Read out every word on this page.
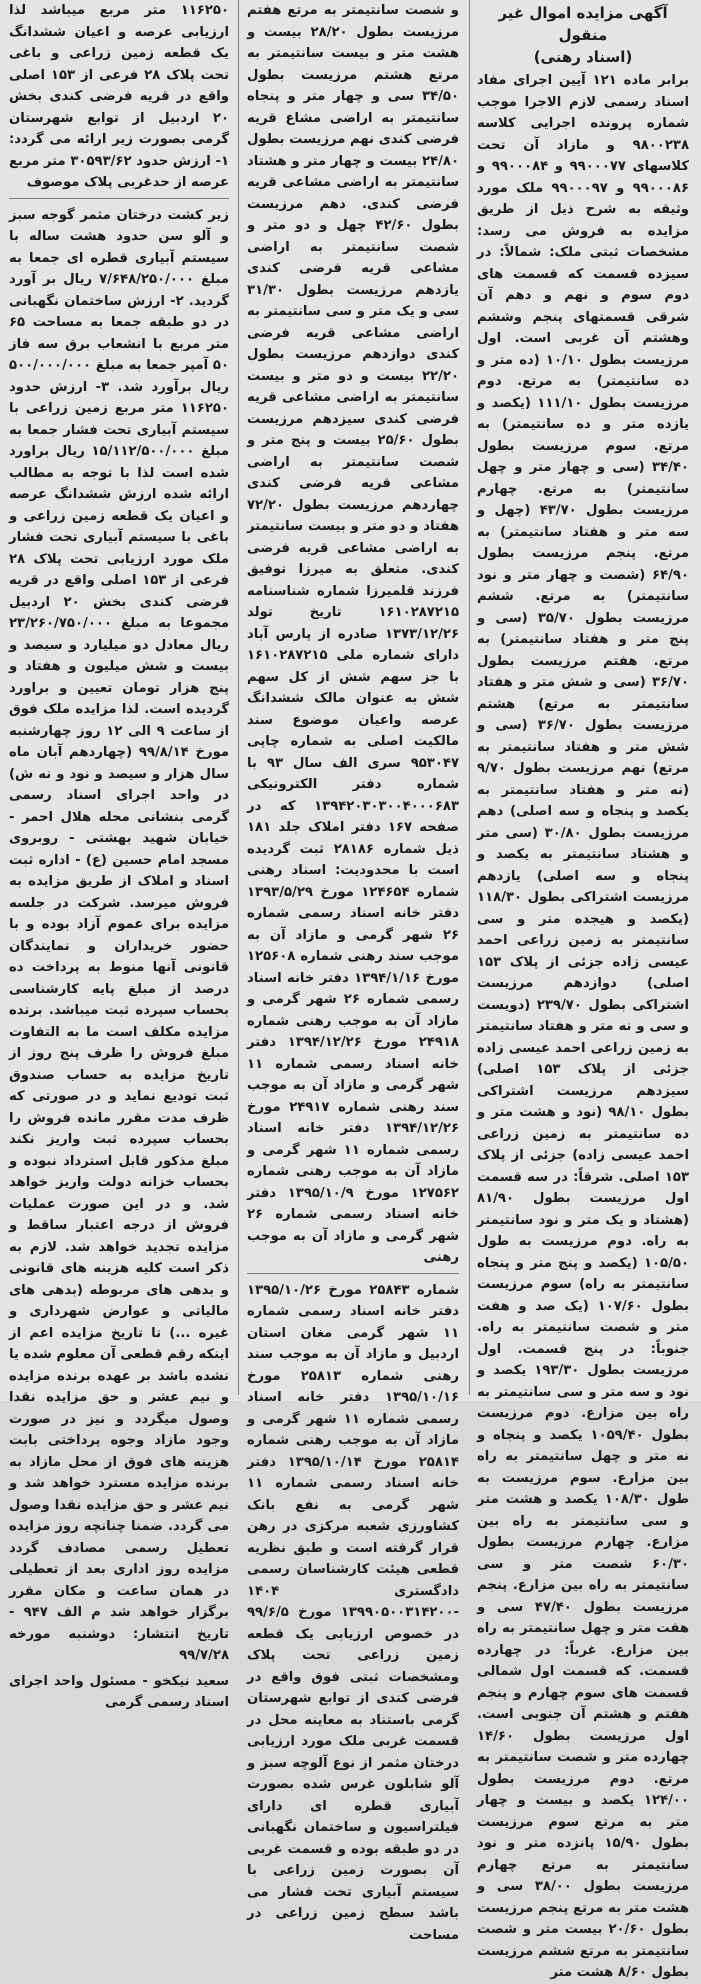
آگهی مزایده اموال غیر منقول
(اسناد رهنی)

برابر ماده ۱۲۱ آیین اجرای مفاد اسناد رسمی لازم الاجرا موجب شماره پرونده اجرایی کلاسه ۹۸۰۰۲۳۸ و مازاد آن تحت کلاسهای ۹۹۰۰۰۷۷ و ۹۹۰۰۰۸۴ و ۹۹۰۰۰۸۶ و ۹۹۰۰۰۹۷ ملک مورد وثیقه به شرح ذیل از طریق مزایده به فروش می رسد: مشخصات ثبتی ملک: شمالاً: در سیزده قسمت که قسمت های دوم سوم و نهم و دهم آن شرقی قسمتهای پنجم وششم وهشتم آن غربی است. اول مرزیست بطول ۱۰/۱۰ (ده متر و ده سانتیمتر) به مرتع. دوم مرزیست بطول ۱۱۱/۱۰ (یکصد و یازده متر و ده سانتیمتر) به مرتع. سوم مرزیست بطول ۳۴/۴۰ (سی و چهار متر و چهل سانتیمتر) به مرتع. چهارم مرزیست بطول ۴۳/۷۰ (چهل و سه متر و هفتاد سانتیمتر) به مرتع. پنجم مرزیست بطول ۶۴/۹۰ (شصت و چهار متر و نود سانتیمتر) به مرتع. ششم مرزیست بطول ۳۵/۷۰ (سی و پنج متر و هفتاد سانتیمتر) به مرتع. هفتم مرزیست بطول ۳۶/۷۰ (سی و شش متر و هفتاد سانتیمتر به مرتع) هشتم مرزیست بطول ۳۶/۷۰ (سی و شش متر و هفتاد سانتیمتر به مرتع) نهم مرزیست بطول ۹/۷۰ (نه متر و هفتاد سانتیمتر به یکصد و پنجاه و سه اصلی) دهم مرزیست بطول ۳۰/۸۰ (سی متر و هشتاد سانتیمتر به یکصد و پنجاه و سه اصلی) یازدهم مرزیست اشتراکی بطول ۱۱۸/۳۰ (یکصد و هیجده متر و سی سانتیمتر به زمین زراعی احمد عیسی زاده جزئی از پلاک ۱۵۳ اصلی) دوازدهم مرزیست اشتراکی بطول ۲۳۹/۷۰ (دویست و سی و نه متر و هفتاد سانتیمتر به زمین زراعی احمد عیسی زاده جزئی از پلاک ۱۵۳ اصلی) سیزدهم مرزیست اشتراکی بطول ۹۸/۱۰ (نود و هشت متر و ده سانتیمتر به زمین زراعی احمد عیسی زاده) جزئی از پلاک ۱۵۳ اصلی. شرقاً: در سه قسمت اول مرزیست بطول ۸۱/۹۰ (هشتاد و یک متر و نود سانتیمتر به راه. دوم مرزیست به طول ۱۰۵/۵۰ (یکصد و پنج متر و پنجاه سانتیمتر به راه) سوم مرزیست بطول ۱۰۷/۶۰ (یک صد و هفت متر و شصت سانتیمتر به راه. جنوباً: در پنج قسمت. اول مرزیست بطول ۱۹۳/۳۰ یکصد و نود و سه متر و سی سانتیمتر به راه بین مزارع. دوم مرزیست بطول ۱۰۵۹/۴۰ یکصد و پنجاه و نه متر و چهل سانتیمتر به راه بین مزارع. سوم مرزیست به طول ۱۰۸/۳۰ یکصد و هشت متر و سی سانتیمتر به راه بین مزارع. چهارم مرزیست بطول ۶۰/۳۰ شصت متر و سی سانتیمتر به راه بین مزارع. پنجم مرزیست بطول ۴۷/۴۰ سی و هفت متر و چهل سانتیمتر به راه بین مزارع. غرباً: در چهارده قسمت. که قسمت اول شمالی قسمت های سوم چهارم و پنجم هفتم و هشتم آن جنوبی است. اول مرزیست بطول ۱۴/۶۰ چهارده متر و شصت سانتیمتر به مرتع. دوم مرزیست بطول ۱۲۴/۰۰ یکصد و بیست و چهار متر به مرتع سوم مرزیست بطول ۱۵/۹۰ پانزده متر و نود سانتیمتر به مرتع چهارم مرزیست بطول ۳۸/۰۰ سی و هشت متر به مرتع پنجم مرزیست بطول ۲۰/۶۰ بیست متر و شصت سانتیمتر به مرتع ششم مرزیست بطول ۸/۶۰ هشت متر

و شصت سانتیمتر به مرتع هفتم مرزیست بطول ۲۸/۲۰ بیست و هشت متر و بیست سانتیمتر به مرتع هشتم مرزیست بطول ۳۴/۵۰ سی و چهار متر و پنجاه سانتیمتر به اراضی مشاع قریه فرضی کندی نهم مرزیست بطول ۲۴/۸۰ بیست و چهار متر و هشتاد سانتیمتر به اراضی مشاعی قریه فرضی کندی. دهم مرزیست بطول ۴۲/۶۰ چهل و دو متر و شصت سانتیمتر به اراضی مشاعی قریه فرضی کندی یازدهم مرزیست بطول ۳۱/۳۰ سی و یک متر و سی سانتیمتر به اراضی مشاعی قریه فرضی کندی دوازدهم مرزیست بطول ۲۲/۲۰ بیست و دو متر و بیست سانتیمتر به اراضی مشاعی قریه فرضی کندی سیزدهم مرزیست بطول ۲۵/۶۰ بیست و پنج متر و شصت سانتیمتر به اراضی مشاعی قریه فرضی کندی چهاردهم مرزیست بطول ۷۲/۲۰ هفتاد و دو متر و بیست سانتیمتر به اراضی مشاعی قریه فرضی کندی. متعلق به میرزا توفیق فرزند قلمیرزا شماره شناسنامه ۱۶۱۰۲۸۷۲۱۵ تاریخ تولد ۱۳۷۳/۱۲/۲۶ صادره از پارس آباد دارای شماره ملی ۱۶۱۰۲۸۷۲۱۵ با جز سهم شش از کل سهم شش به عنوان مالک ششدانگ عرصه واعیان موضوع سند مالکیت اصلی به شماره چاپی ۹۵۳۰۴۷ سری الف سال ۹۳ با شماره دفتر الکترونیکی ۱۳۹۴۲۰۳۰۳۰۰۴۰۰۰۶۸۳ که در صفحه ۱۶۷ دفتر املاک جلد ۱۸۱ ذیل شماره ۲۸۱۸۶ ثبت گردیده است با محدودیت: اسناد رهنی شماره ۱۲۴۶۵۴ مورخ ۱۳۹۳/۵/۲۹ دفتر خانه اسناد رسمی شماره ۲۶ شهر گرمی و مازاد آن به موجب سند رهنی شماره ۱۲۵۶۰۸ مورخ ۱۳۹۴/۱/۱۶ دفتر خانه اسناد رسمی شماره ۲۶ شهر گرمی و مازاد آن به موجب رهنی شماره ۲۴۹۱۸ مورخ ۱۳۹۴/۱۲/۲۶ دفتر خانه اسناد رسمی شماره ۱۱ شهر گرمی و مازاد آن به موجب سند رهنی شماره ۲۴۹۱۷ مورخ ۱۳۹۴/۱۲/۲۶ دفتر خانه اسناد رسمی شماره ۱۱ شهر گرمی و مازاد آن به موجب رهنی شماره ۱۲۷۵۶۲ مورخ ۱۳۹۵/۱۰/۹ دفتر خانه اسناد رسمی شماره ۲۶ شهر گرمی و مازاد آن به موجب رهنی

شماره ۲۵۸۴۳ مورخ ۱۳۹۵/۱۰/۲۶ دفتر خانه اسناد رسمی شماره ۱۱ شهر گرمی مغان استان اردبیل و مازاد آن به موجب سند رهنی شماره ۲۵۸۱۳ مورخ ۱۳۹۵/۱۰/۱۶ دفتر خانه اسناد رسمی شماره ۱۱ شهر گرمی و مازاد آن به موجب رهنی شماره ۲۵۸۱۴ مورخ ۱۳۹۵/۱۰/۱۴ دفتر خانه اسناد رسمی شماره ۱۱ شهر گرمی به نفع بانک کشاورزی شعبه مرکزی در رهن قرار گرفته است و طبق نظریه قطعی هیئت کارشناسان رسمی دادگستری ۱۴۰۴ -۱۳۹۹۰۵۰۰۳۱۴۲۰۰ مورخ ۹۹/۶/۵ در خصوص ارزیابی یک قطعه زمین زراعی تحت پلاک ومشخصات ثبتی فوق واقع در فرضی کندی از توابع شهرستان گرمی باستناد به معاینه محل در قسمت غربی ملک مورد ارزیابی درختان مثمر از نوع آلوچه سبز و آلو شابلون غرس شده بصورت آبیاری قطره ای دارای فیلتراسیون و ساختمان نگهبانی در دو طبقه بوده و قسمت غربی آن بصورت زمین زراعی با سیستم آبیاری تحت فشار می باشد سطح زمین زراعی در مساحت

۱۱۶۲۵۰ متر مربع میباشد لذا ارزیابی عرصه و اعیان ششدانگ یک قطعه زمین زراعی و باغی تحت پلاک ۲۸ فرعی از ۱۵۳ اصلی واقع در قریه فرضی کندی بخش ۲۰ اردبیل از توابع شهرستان گرمی بصورت زیر ارائه می گردد: ۱- ارزش حدود ۳۰۵۹۳/۶۲ متر مربع عرصه از حدغربی پلاک موصوف

زیر کشت درختان مثمر گوجه سبز و آلو سن حدود هشت ساله با سیستم آبیاری قطره ای جمعا به مبلغ ۷/۶۴۸/۲۵۰/۰۰۰ ریال بر آورد گردید. ۲- ارزش ساختمان نگهبانی در دو طبقه جمعا به مساحت ۶۵ متر مربع با انشعاب برق سه فاز ۵۰ آمپر جمعا به مبلغ ۵۰۰/۰۰۰/۰۰۰ ریال برآورد شد. ۳- ارزش حدود ۱۱۶۲۵۰ متر مربع زمین زراعی با سیستم آبیاری تحت فشار جمعا به مبلغ ۱۵/۱۱۲/۵۰۰/۰۰۰ ریال براورد شده است لذا با توجه به مطالب ارائه شده ارزش ششدانگ عرصه و اعیان یک قطعه زمین زراعی و باغی با سیستم آبیاری تحت فشار ملک مورد ارزیابی تحت پلاک ۲۸ فرعی از ۱۵۳ اصلی واقع در قریه فرضی کندی بخش ۲۰ اردبیل مجموعا به مبلغ ۲۳/۲۶۰/۷۵۰/۰۰۰ ریال معادل دو میلیارد و سیصد و بیست و شش میلیون و هفتاد و پنج هزار تومان تعیین و براورد گردیده است. لذا مزایده ملک فوق از ساعت ۹ الی ۱۲ روز چهارشنبه مورخ ۹۹/۸/۱۴ (چهاردهم آبان ماه سال هزار و سیصد و نود و نه ش) در واحد اجرای اسناد رسمی گرمی بنشانی محله هلال احمر - خیابان شهید بهشتی - روبروی مسجد امام حسین (ع) - اداره ثبت اسناد و املاک از طریق مزایده به فروش میرسد. شرکت در جلسه مزایده برای عموم آزاد بوده و با حضور خریداران و نمایندگان قانونی آنها منوط به پرداخت ده درصد از مبلغ پایه کارشناسی بحساب سپرده ثبت میباشد. برنده مزایده مکلف است ما به التفاوت مبلغ فروش را ظرف پنج روز از تاریخ مزایده به حساب صندوق ثبت تودیع نماید و در صورتی که ظرف مدت مقرر مانده فروش را بحساب سپرده ثبت واریز نکند مبلغ مذکور قابل استرداد نبوده و بحساب خزانه دولت واریز خواهد شد. و در این صورت عملیات فروش از درجه اعتبار ساقط و مزایده تجدید خواهد شد. لازم به ذکر است کلیه هزینه های قانونی و بدهی های مربوطه (بدهی های مالیاتی و عوارض شهرداری و غیره ...) تا تاریخ مزایده اعم از اینکه رقم قطعی آن معلوم شده یا نشده باشد بر عهده برنده مزایده و نیم عشر و حق مزایده نقدا وصول میگردد و نیز در صورت وجود مازاد وجوه پرداختی بابت هزینه های فوق از محل مازاد به برنده مزایده مسترد خواهد شد و نیم عشر و حق مزایده نقدا وصول می گردد. ضمنا چنانچه روز مزایده تعطیل رسمی مصادف گردد مزایده روز اداری بعد از تعطیلی در همان ساعت و مکان مقرر برگزار خواهد شد م الف ۹۴۷ - تاریخ انتشار: دوشنبه مورخه ۹۹/۷/۲۸

سعید نیکخو - مسئول واحد اجرای اسناد رسمی گرمی
